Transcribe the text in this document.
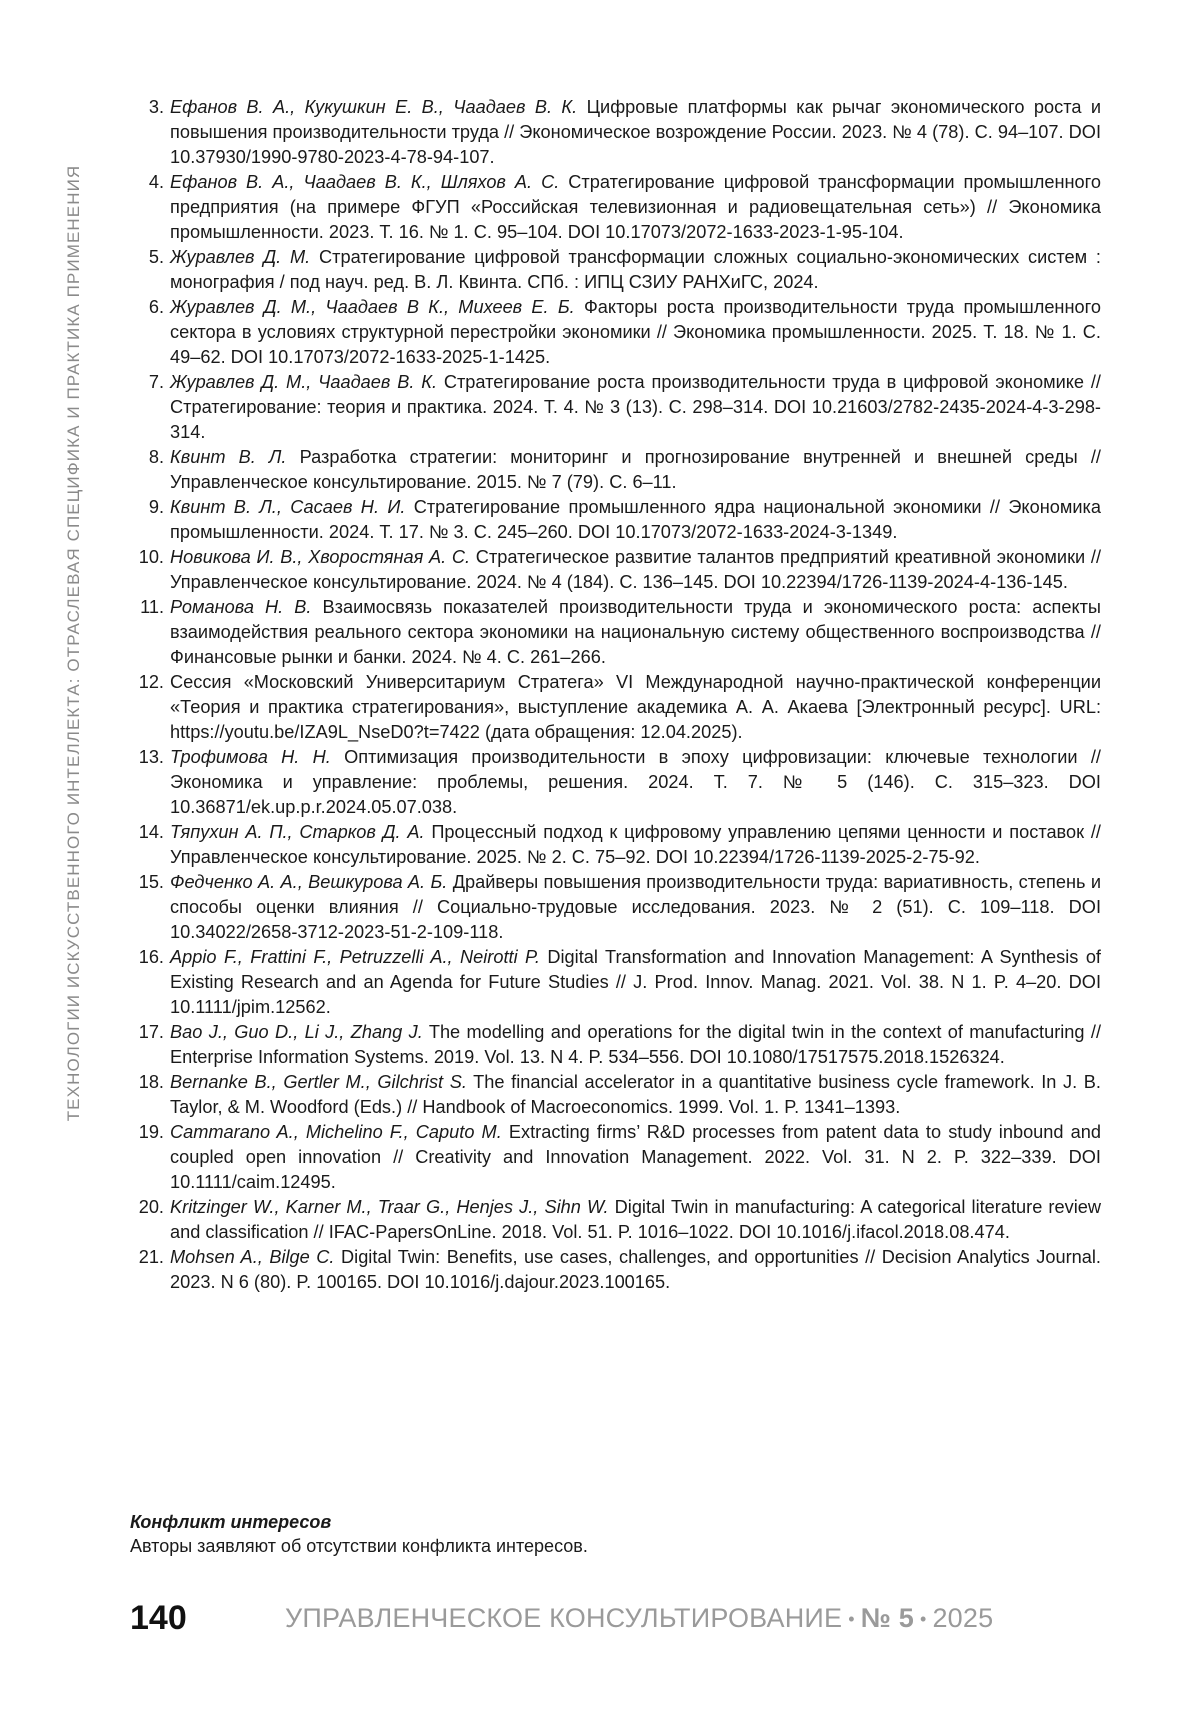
ТЕХНОЛОГИИ ИСКУССТВЕННОГО ИНТЕЛЛЕКТА: ОТРАСЛЕВАЯ СПЕЦИФИКА И ПРАКТИКА ПРИМЕНЕНИЯ
3. Ефанов В. А., Кукушкин Е. В., Чаадаев В. К. Цифровые платформы как рычаг экономического роста и повышения производительности труда // Экономическое возрождение России. 2023. № 4 (78). С. 94–107. DOI 10.37930/1990-9780-2023-4-78-94-107.
4. Ефанов В. А., Чаадаев В. К., Шляхов А. С. Стратегирование цифровой трансформации промышленного предприятия (на примере ФГУП «Российская телевизионная и радиовещательная сеть») // Экономика промышленности. 2023. Т. 16. № 1. С. 95–104. DOI 10.17073/2072-1633-2023-1-95-104.
5. Журавлев Д. М. Стратегирование цифровой трансформации сложных социально-экономических систем : монография / под науч. ред. В. Л. Квинта. СПб. : ИПЦ СЗИУ РАНХиГС, 2024.
6. Журавлев Д. М., Чаадаев В К., Михеев Е. Б. Факторы роста производительности труда промышленного сектора в условиях структурной перестройки экономики // Экономика промышленности. 2025. Т. 18. № 1. С. 49–62. DOI 10.17073/2072-1633-2025-1-1425.
7. Журавлев Д. М., Чаадаев В. К. Стратегирование роста производительности труда в цифровой экономике // Стратегирование: теория и практика. 2024. Т. 4. № 3 (13). С. 298–314. DOI 10.21603/2782-2435-2024-4-3-298-314.
8. Квинт В. Л. Разработка стратегии: мониторинг и прогнозирование внутренней и внешней среды // Управленческое консультирование. 2015. № 7 (79). С. 6–11.
9. Квинт В. Л., Сасаев Н. И. Стратегирование промышленного ядра национальной экономики // Экономика промышленности. 2024. Т. 17. № 3. С. 245–260. DOI 10.17073/2072-1633-2024-3-1349.
10. Новикова И. В., Хворостяная А. С. Стратегическое развитие талантов предприятий креативной экономики // Управленческое консультирование. 2024. № 4 (184). С. 136–145. DOI 10.22394/1726-1139-2024-4-136-145.
11. Романова Н. В. Взаимосвязь показателей производительности труда и экономического роста: аспекты взаимодействия реального сектора экономики на национальную систему общественного воспроизводства // Финансовые рынки и банки. 2024. № 4. С. 261–266.
12. Сессия «Московский Университариум Стратега» VI Международной научно-практической конференции «Теория и практика стратегирования», выступление академика А. А. Акаева [Электронный ресурс]. URL: https://youtu.be/IZA9L_NseD0?t=7422 (дата обращения: 12.04.2025).
13. Трофимова Н. Н. Оптимизация производительности в эпоху цифровизации: ключевые технологии // Экономика и управление: проблемы, решения. 2024. Т. 7. № 5 (146). С. 315–323. DOI 10.36871/ek.up.p.r.2024.05.07.038.
14. Тяпухин А. П., Старков Д. А. Процессный подход к цифровому управлению цепями ценности и поставок // Управленческое консультирование. 2025. № 2. С. 75–92. DOI 10.22394/1726-1139-2025-2-75-92.
15. Федченко А. А., Вешкурова А. Б. Драйверы повышения производительности труда: вариативность, степень и способы оценки влияния // Социально-трудовые исследования. 2023. № 2 (51). С. 109–118. DOI 10.34022/2658-3712-2023-51-2-109-118.
16. Appio F., Frattini F., Petruzzelli A., Neirotti P. Digital Transformation and Innovation Management: A Synthesis of Existing Research and an Agenda for Future Studies // J. Prod. Innov. Manag. 2021. Vol. 38. N 1. P. 4–20. DOI 10.1111/jpim.12562.
17. Bao J., Guo D., Li J., Zhang J. The modelling and operations for the digital twin in the context of manufacturing // Enterprise Information Systems. 2019. Vol. 13. N 4. P. 534–556. DOI 10.1080/17517575.2018.1526324.
18. Bernanke B., Gertler M., Gilchrist S. The financial accelerator in a quantitative business cycle framework. In J. B. Taylor, & M. Woodford (Eds.) // Handbook of Macroeconomics. 1999. Vol. 1. P. 1341–1393.
19. Cammarano A., Michelino F., Caputo M. Extracting firms’ R&D processes from patent data to study inbound and coupled open innovation // Creativity and Innovation Management. 2022. Vol. 31. N 2. P. 322–339. DOI 10.1111/caim.12495.
20. Kritzinger W., Karner M., Traar G., Henjes J., Sihn W. Digital Twin in manufacturing: A categorical literature review and classification // IFAC-PapersOnLine. 2018. Vol. 51. P. 1016–1022. DOI 10.1016/j.ifacol.2018.08.474.
21. Mohsen A., Bilge C. Digital Twin: Benefits, use cases, challenges, and opportunities // Decision Analytics Journal. 2023. N 6 (80). P. 100165. DOI 10.1016/j.dajour.2023.100165.
Конфликт интересов
Авторы заявляют об отсутствии конфликта интересов.
140	УПРАВЛЕНЧЕСКОЕ КОНСУЛЬТИРОВАНИЕ • № 5 • 2025
